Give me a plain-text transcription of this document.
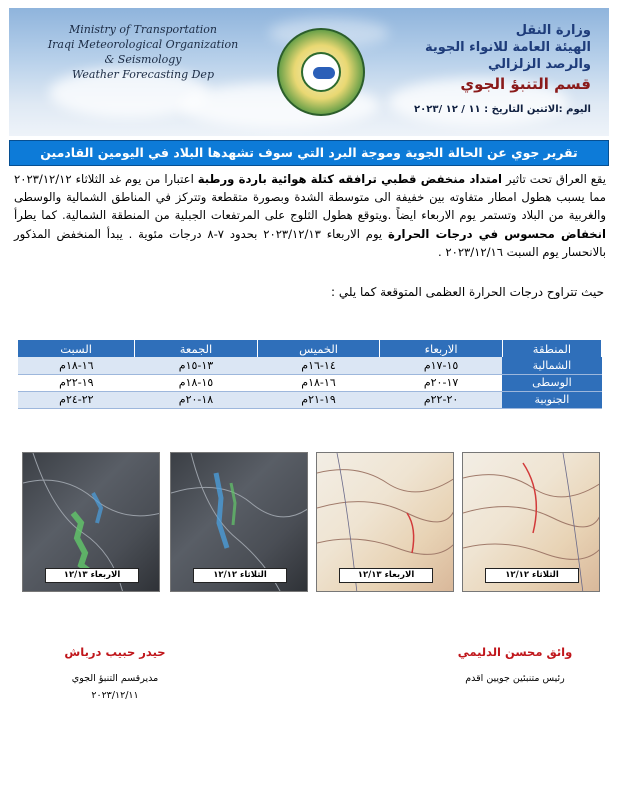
Ministry of Transportation
Iraqi Meteorological Organization
& Seismology
Weather Forecasting Dep
وزارة النقل
الهيئة العامة للانواء الجوية
والرصد الزلزالي
قسم التنبؤ الجوي
اليوم :الاثنين التاريخ : ١١ / ١٢ /٢٠٢٣
تقرير جوي عن الحالة الجوية وموجة البرد التي سوف تشهدها البلاد في اليومين القادمين
يقع العراق تحت تاثير امتداد منخفض قطبي ترافقه كتلة هوائية باردة ورطبة اعتبارا من يوم غد الثلاثاء ٢٠٢٣/١٢/١٢ مما يسبب هطول امطار متفاوته بين خفيفة الى متوسطة الشدة وبصورة متقطعة وتتركز في المناطق الشمالية والوسطى والغربية من البلاد وتستمر يوم الاربعاء ايضاً .ويتوقع هطول الثلوج على المرتفعات الجبلية من المنطقة الشمالية. كما يطرأ انخفاض محسوس في درجات الحرارة يوم الاربعاء ٢٠٢٣/١٢/١٣ بحدود ٧-٨ درجات مئوية . يبدأ المنخفض المذكور بالانحسار يوم السبت ٢٠٢٣/١٢/١٦ .
حيث تتراوح درجات الحرارة العظمى المتوقعة كما يلي :
المنطقة	الاربعاء	الخميس	الجمعة	السبت
الشمالية	١٥-١٧م	١٤-١٦م	١٣-١٥م	١٦-١٨م
الوسطى	١٧-٢٠م	١٦-١٨م	١٥-١٨م	١٩-٢٢م
الجنوبية	٢٠-٢٢م	١٩-٢١م	١٨-٢٠م	٢٢-٢٤م
الاربعاء ١٢/١٣	الثلاثاء ١٢/١٢	الاربعاء ١٢/١٣	الثلاثاء ١٢/١٢
حيدر حبيب درباش
مديرقسم التنبؤ الجوي
٢٠٢٣/١٢/١١
وائق محسن الدليمي
رئيس متنبئين جويين اقدم
